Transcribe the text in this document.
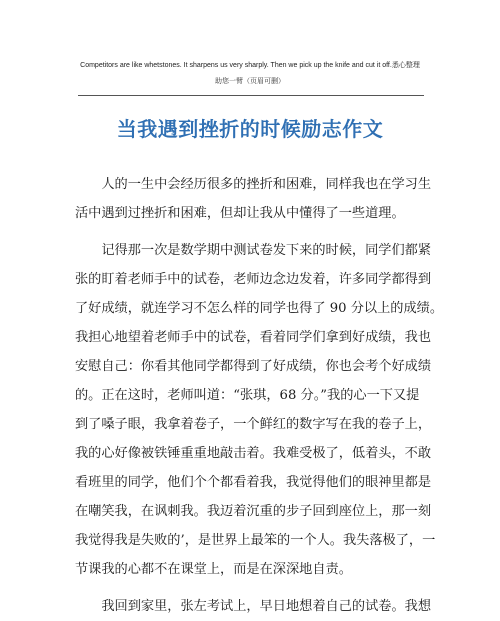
Competitors are like whetstones. It sharpens us very sharply. Then we pick up the knife and cut it off.悉心整理
助您一臂（页眉可删）
当我遇到挫折的时候励志作文
　　人的一生中会经历很多的挫折和困难，同样我也在学习生
活中遇到过挫折和困难，但却让我从中懂得了一些道理。
　　记得那一次是数学期中测试卷发下来的时候，同学们都紧
张的盯着老师手中的试卷，老师边念边发着，许多同学都得到
了好成绩，就连学习不怎么样的同学也得了 90 分以上的成绩。
我担心地望着老师手中的试卷，看着同学们拿到好成绩，我也
安慰自己：你看其他同学都得到了好成绩，你也会考个好成绩
的。正在这时，老师叫道：“张琪，68 分。”我的心一下又提
到了嗓子眼，我拿着卷子，一个鲜红的数字写在我的卷子上，
我的心好像被铁锤重重地敲击着。我难受极了，低着头，不敢
看班里的同学，他们个个都看着我，我觉得他们的眼神里都是
在嘲笑我，在讽刺我。我迈着沉重的步子回到座位上，那一刻
我觉得我是失败的’，是世界上最笨的一个人。我失落极了，一
节课我的心都不在课堂上，而是在深深地自责。
　　我回到家里，张左考试上，早日地想着自己的试卷。我想
